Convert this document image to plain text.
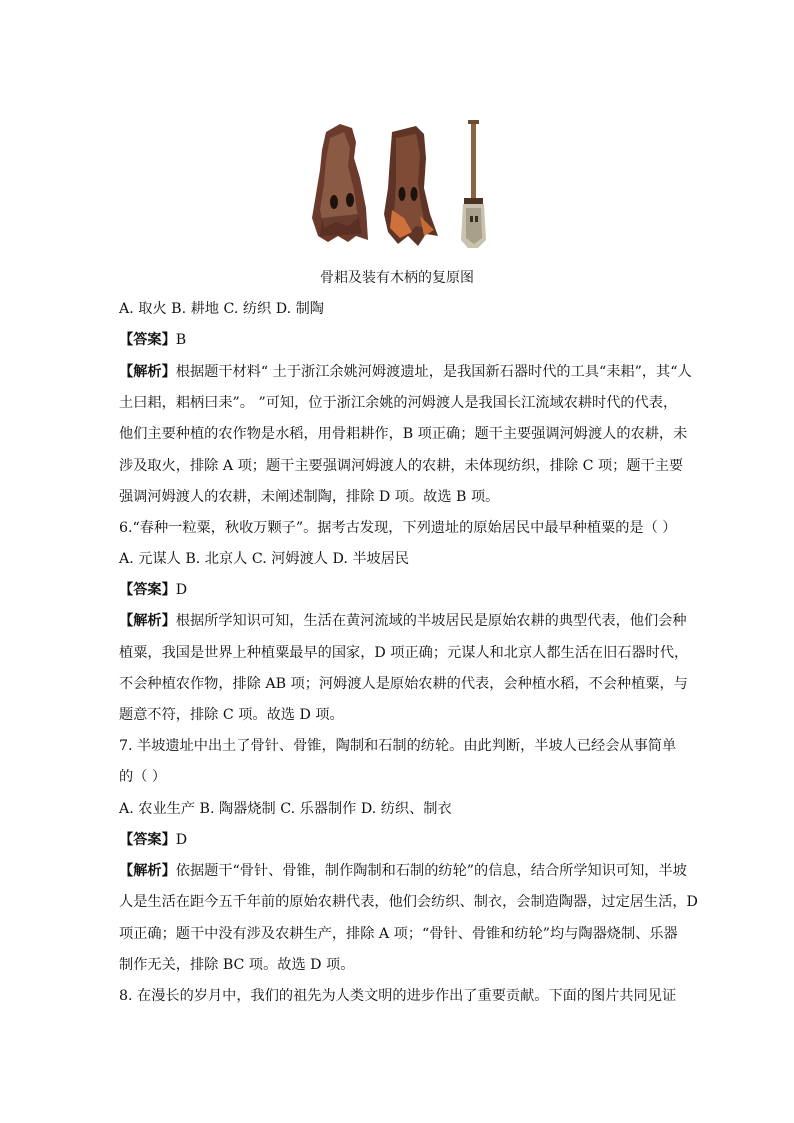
骨耜及装有木柄的复原图
A. 取火 B. 耕地 C. 纺织 D. 制陶
【答案】B
【解析】根据题干材料“ 土于浙江余姚河姆渡遗址，是我国新石器时代的工具“耒耜”，其“人
土曰耜，耜柄曰耒”。 ”可知，位于浙江余姚的河姆渡人是我国长江流域农耕时代的代表，
他们主要种植的农作物是水稻，用骨耜耕作，B 项正确；题干主要强调河姆渡人的农耕，未
涉及取火，排除 A 项；题干主要强调河姆渡人的农耕，未体现纺织，排除 C 项；题干主要
强调河姆渡人的农耕，未阐述制陶，排除 D 项。故选 B 项。
6.“春种一粒粟，秋收万颗子”。据考古发现，下列遗址的原始居民中最早种植粟的是（ ）
A. 元谋人 B. 北京人 C. 河姆渡人 D. 半坡居民
【答案】D
【解析】根据所学知识可知，生活在黄河流域的半坡居民是原始农耕的典型代表，他们会种
植粟，我国是世界上种植粟最早的国家，D 项正确；元谋人和北京人都生活在旧石器时代，
不会种植农作物，排除 AB 项；河姆渡人是原始农耕的代表，会种植水稻，不会种植粟，与
题意不符，排除 C 项。故选 D 项。
7. 半坡遗址中出土了骨针、骨锥，陶制和石制的纺轮。由此判断，半坡人已经会从事简单
的（ ）
A. 农业生产 B. 陶器烧制 C. 乐器制作 D. 纺织、制衣
【答案】D
【解析】依据题干“骨针、骨锥，制作陶制和石制的纺轮”的信息，结合所学知识可知，半坡
人是生活在距今五千年前的原始农耕代表，他们会纺织、制衣，会制造陶器，过定居生活，D
项正确；题干中没有涉及农耕生产，排除 A 项；“骨针、骨锥和纺轮”均与陶器烧制、乐器
制作无关，排除 BC 项。故选 D 项。
8. 在漫长的岁月中，我们的祖先为人类文明的进步作出了重要贡献。下面的图片共同见证
